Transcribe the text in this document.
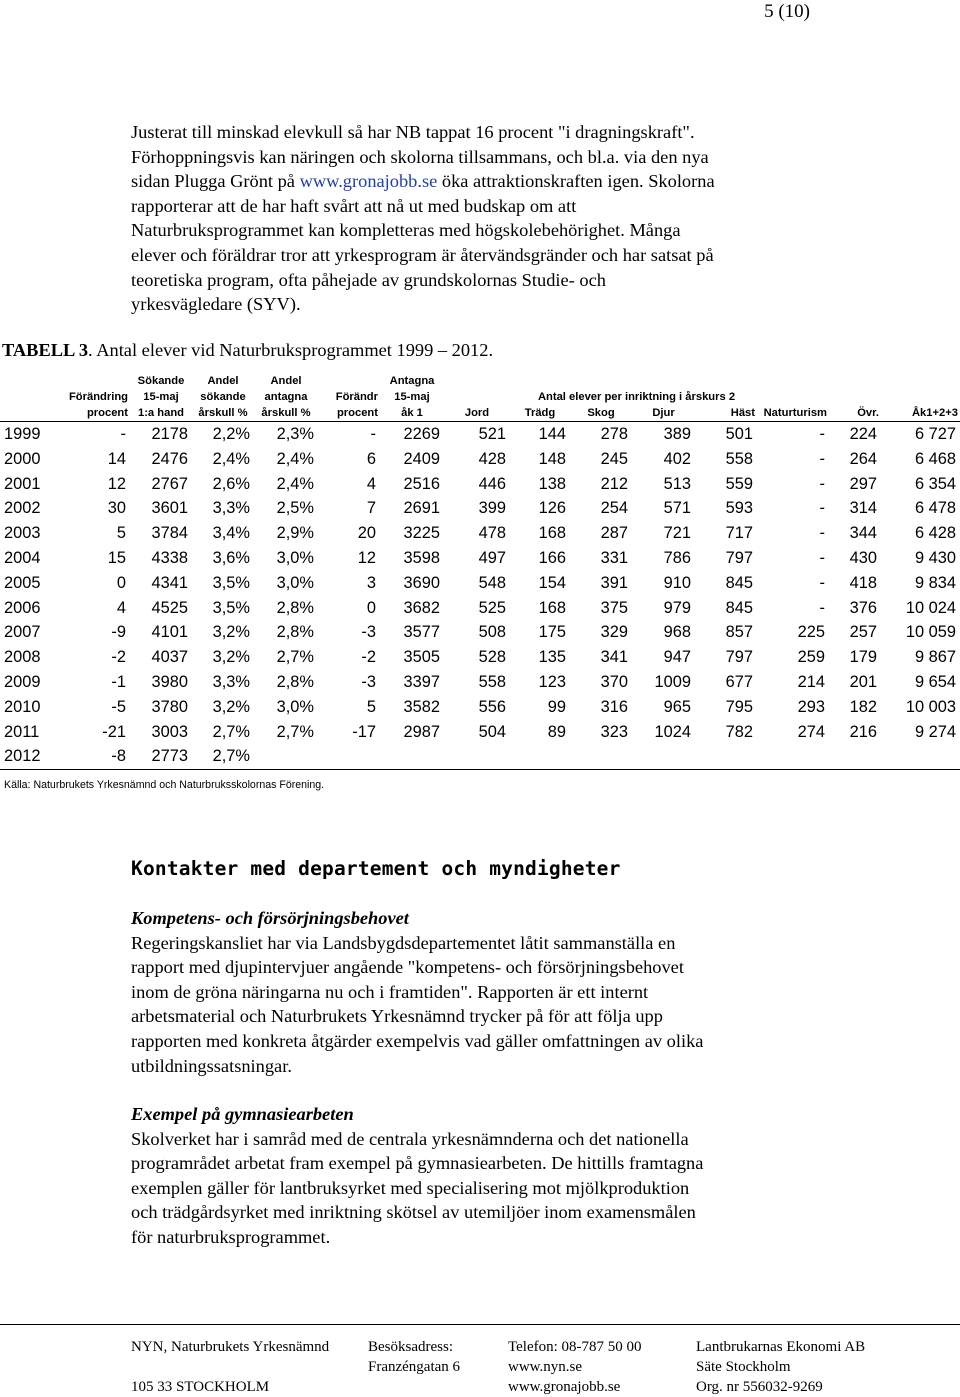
5 (10)

Justerat till minskad elevkull så har NB tappat 16 procent "i dragningskraft".

Förhoppningsvis kan näringen och skolorna tillsammans, och bl.a. via den nya

sidan Plugga Grönt på www.gronajobb.se öka attraktionskraften igen. Skolorna

rapporterar att de har haft svårt att nå ut med budskap om att

Naturbruksprogrammet kan kompletteras med högskolebehörighet. Många

elever och föräldrar tror att yrkesprogram är återvändsgränder och har satsat på

teoretiska program, ofta påhejade av grundskolornas Studie- och

yrkesvägledare (SYV).

TABELL 3. Antal elever vid Naturbruksprogrammet 1999 – 2012.
		Sökande	Andel	Andel		Antagna								
	Förändring	15-maj	sökande	antagna	Förändr	15-maj	Antal elever per inriktning i årskurs 2							
	procent	1:a hand	årskull %	årskull %	procent	åk 1	Jord	Trädg	Skog	Djur	Häst	Naturturism	Övr.	Åk1+2+3
1999	-	2178	2,2%	2,3%	-	2269	521	144	278	389	501	-	224	6 727
2000	14	2476	2,4%	2,4%	6	2409	428	148	245	402	558	-	264	6 468
2001	12	2767	2,6%	2,4%	4	2516	446	138	212	513	559	-	297	6 354
2002	30	3601	3,3%	2,5%	7	2691	399	126	254	571	593	-	314	6 478
2003	5	3784	3,4%	2,9%	20	3225	478	168	287	721	717	-	344	6 428
2004	15	4338	3,6%	3,0%	12	3598	497	166	331	786	797	-	430	9 430
2005	0	4341	3,5%	3,0%	3	3690	548	154	391	910	845	-	418	9 834
2006	4	4525	3,5%	2,8%	0	3682	525	168	375	979	845	-	376	10 024
2007	-9	4101	3,2%	2,8%	-3	3577	508	175	329	968	857	225	257	10 059
2008	-2	4037	3,2%	2,7%	-2	3505	528	135	341	947	797	259	179	9 867
2009	-1	3980	3,3%	2,8%	-3	3397	558	123	370	1009	677	214	201	9 654
2010	-5	3780	3,2%	3,0%	5	3582	556	99	316	965	795	293	182	10 003
2011	-21	3003	2,7%	2,7%	-17	2987	504	89	323	1024	782	274	216	9 274
2012	-8	2773	2,7%											
Källa: Naturbrukets Yrkesnämnd och Naturbruksskolornas Förening.
Kontakter med departement och myndigheter
Kompetens- och försörjningsbehovet

Regeringskansliet har via Landsbygdsdepartementet låtit sammanställa en

rapport med djupintervjuer angående "kompetens- och försörjningsbehovet

inom de gröna näringarna nu och i framtiden". Rapporten är ett internt

arbetsmaterial och Naturbrukets Yrkesnämnd trycker på för att följa upp

rapporten med konkreta åtgärder exempelvis vad gäller omfattningen av olika

utbildningssatsningar.

Exempel på gymnasiearbeten

Skolverket har i samråd med de centrala yrkesnämnderna och det nationella

programrådet arbetat fram exempel på gymnasiearbeten. De hittills framtagna

exemplen gäller för lantbruksyrket med specialisering mot mjölkproduktion

och trädgårdsyrket med inriktning skötsel av utemiljöer inom examensmålen

för naturbruksprogrammet.

NYN, Naturbrukets Yrkesnämnd

105 33 STOCKHOLM
Besöksadress:
Franzéngatan 6
Telefon: 08-787 50 00
www.nyn.se
www.gronajobb.se
Lantbrukarnas Ekonomi AB
Säte Stockholm
Org. nr 556032-9269
